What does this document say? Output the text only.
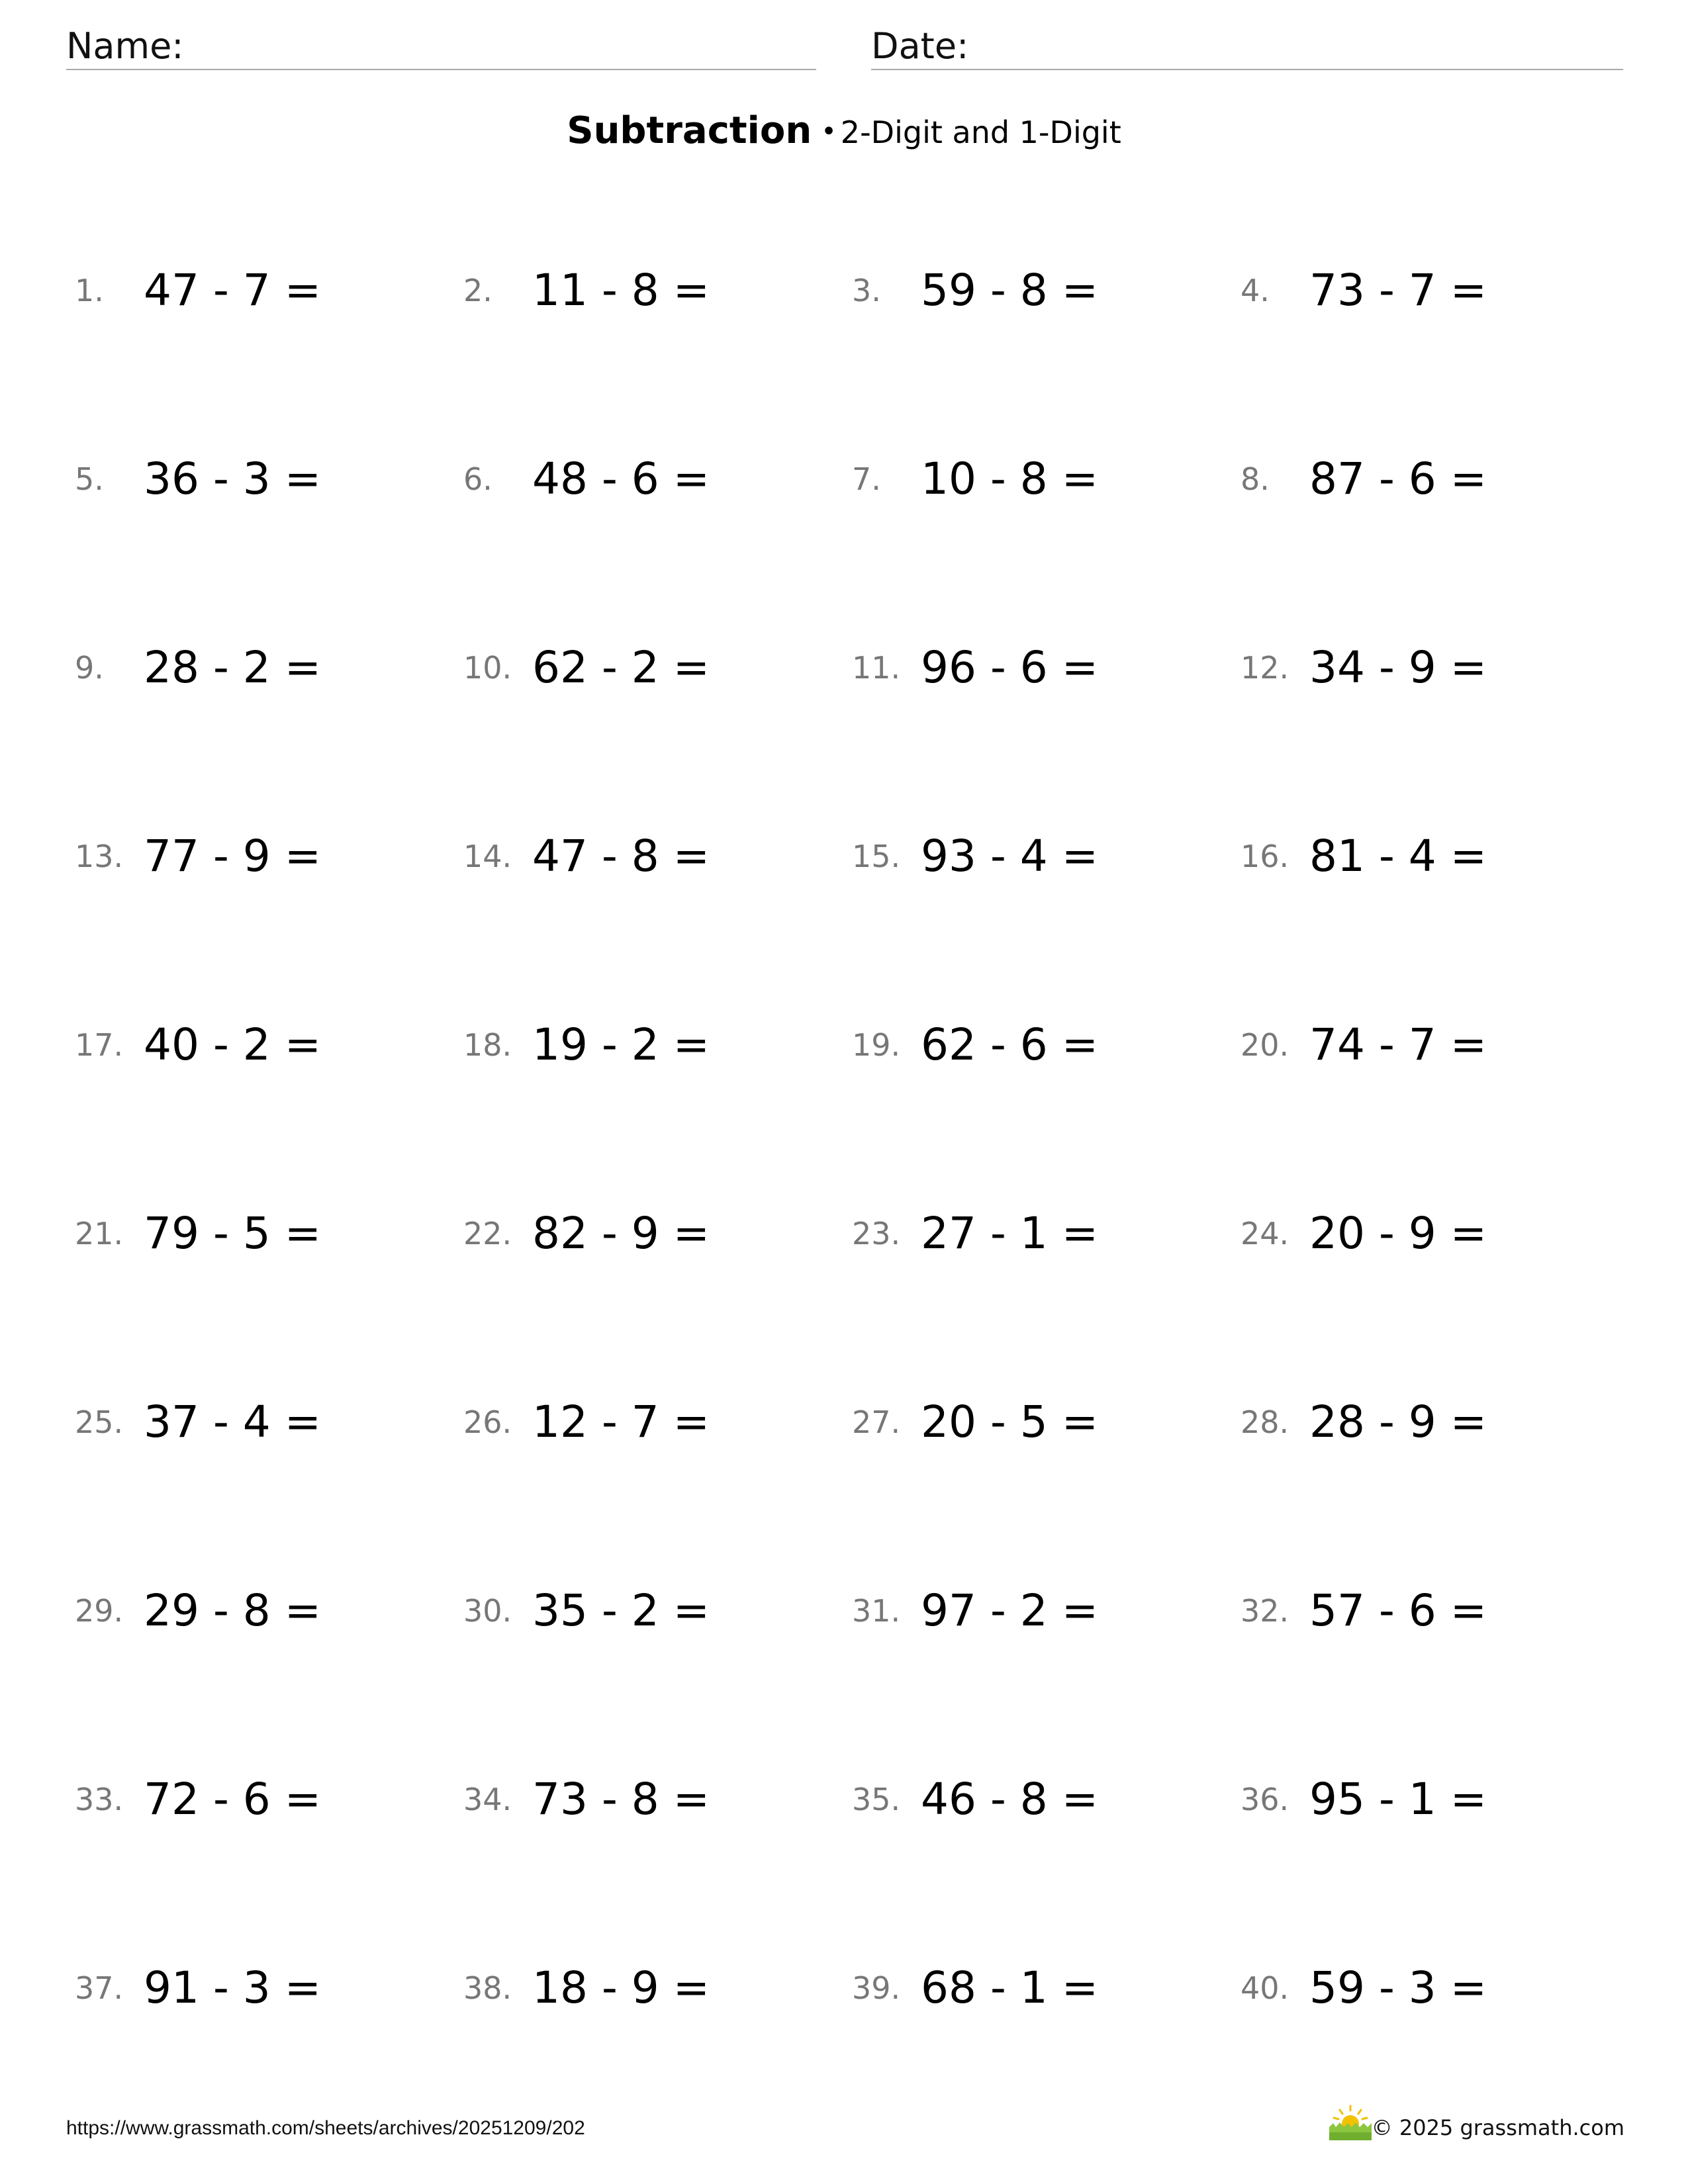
Name:	Date:
Subtraction • 2-Digit and 1-Digit
1. 47 - 7 =	2. 11 - 8 =	3. 59 - 8 =	4. 73 - 7 =
5. 36 - 3 =	6. 48 - 6 =	7. 10 - 8 =	8. 87 - 6 =
9. 28 - 2 =	10. 62 - 2 =	11. 96 - 6 =	12. 34 - 9 =
13. 77 - 9 =	14. 47 - 8 =	15. 93 - 4 =	16. 81 - 4 =
17. 40 - 2 =	18. 19 - 2 =	19. 62 - 6 =	20. 74 - 7 =
21. 79 - 5 =	22. 82 - 9 =	23. 27 - 1 =	24. 20 - 9 =
25. 37 - 4 =	26. 12 - 7 =	27. 20 - 5 =	28. 28 - 9 =
29. 29 - 8 =	30. 35 - 2 =	31. 97 - 2 =	32. 57 - 6 =
33. 72 - 6 =	34. 73 - 8 =	35. 46 - 8 =	36. 95 - 1 =
37. 91 - 3 =	38. 18 - 9 =	39. 68 - 1 =	40. 59 - 3 =
https://www.grassmath.com/sheets/archives/20251209/202	© 2025 grassmath.com
